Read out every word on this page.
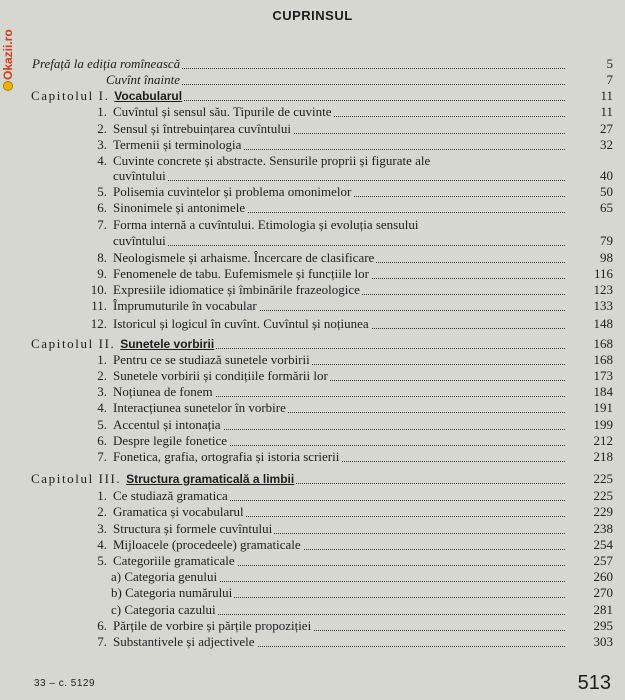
Okazii.ro
CUPRINSUL
Prefață la ediția romînească	5
Cuvînt înainte	7
Capitolul I. Vocabularul	11
1. Cuvîntul și sensul său. Tipurile de cuvinte	11
2. Sensul și întrebuințarea cuvîntului	27
3. Termenii și terminologia	32
4. Cuvinte concrete și abstracte. Sensurile proprii și figurate ale
cuvîntului	40
5. Polisemia cuvintelor și problema omonimelor	50
6. Sinonimele și antonimele	65
7. Forma internă a cuvîntului. Etimologia și evoluția sensului
cuvîntului	79
8. Neologismele și arhaisme. Încercare de clasificare	98
9. Fenomenele de tabu. Eufemismele și funcțiile lor	116
10. Expresiile idiomatice și îmbinările frazeologice	123
11. Împrumuturile în vocabular	133
12. Istoricul și logicul în cuvînt. Cuvîntul și noțiunea	148
Capitolul II. Sunetele vorbirii	168
1. Pentru ce se studiază sunetele vorbirii	168
2. Sunetele vorbirii și condițiile formării lor	173
3. Noțiunea de fonem	184
4. Interacțiunea sunetelor în vorbire	191
5. Accentul și intonația	199
6. Despre legile fonetice	212
7. Fonetica, grafia, ortografia și istoria scrierii	218
Capitolul III. Structura gramaticală a limbii	225
1. Ce studiază gramatica	225
2. Gramatica și vocabularul	229
3. Structura și formele cuvîntului	238
4. Mijloacele (procedeele) gramaticale	254
5. Categoriile gramaticale	257
a) Categoria genului	260
b) Categoria numărului	270
c) Categoria cazului	281
6. Părțile de vorbire și părțile propoziției	295
7. Substantivele și adjectivele	303
33 – c. 5129	513
